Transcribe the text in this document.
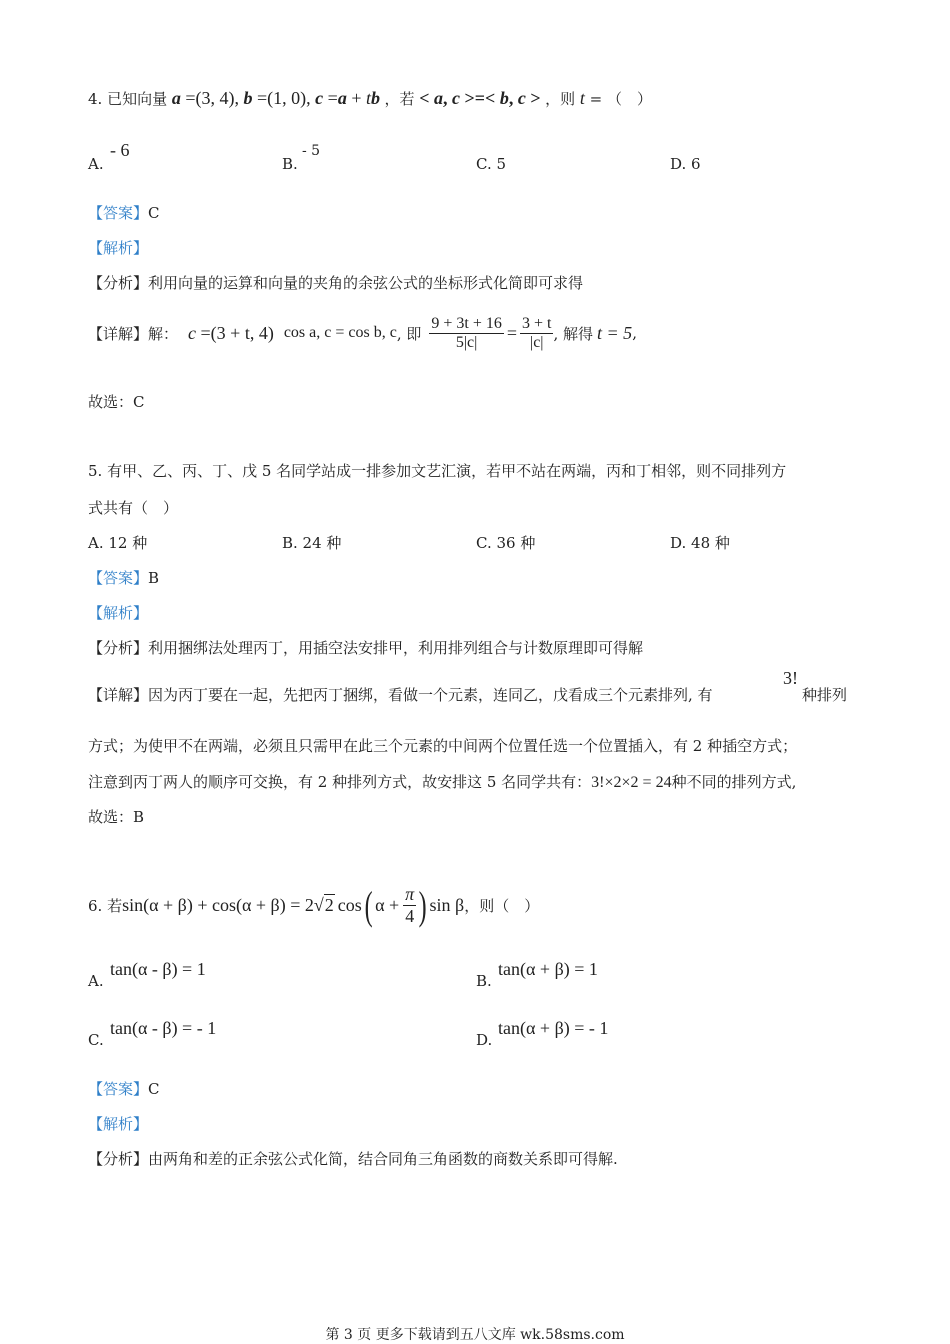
4. 已知向量 a =(3, 4), b =(1, 0), c =a + tb ，若 < a, c >=< b, c > ，则 t = （　）
A.
- 6
B.
- 5
C. 5	D. 6
【答案】C
【解析】
【分析】利用向量的运算和向量的夹角的余弦公式的坐标形式化简即可求得
【详解】 解： c =(3 + t, 4) cos a, c = cos b, c , 即 $\frac{9 + 3t + 16}{5|c|} = \frac{3 + t}{|c|}$ , 解得 t = 5 ,
故选：C
5. 有甲、乙、丙、丁、戊 5 名同学站成一排参加文艺汇演，若甲不站在两端，丙和丁相邻，则不同排列方
式共有（　）
A. 12 种	B. 24 种	C. 36 种	D. 48 种
【答案】B
【解析】
【分析】利用捆绑法处理丙丁，用插空法安排甲，利用排列组合与计数原理即可得解
【详解】因为丙丁要在一起，先把丙丁捆绑，看做一个元素，连同乙，戊看成三个元素排列, 有
3!
种排列
方式；为使甲不在两端，必须且只需甲在此三个元素的中间两个位置任选一个位置插入，有 2 种插空方式；
注意到丙丁两人的顺序可交换，有 2 种排列方式，故安排这 5 名同学共有：3!×2×2 = 24种不同的排列方式,
故选：B
6. 若 sin(α + β) + cos(α + β) = 2 √ 2 cos ( $\alpha + \frac{\pi}{4}$ ) sin β ，则（　）
A.
tan(α - β) = 1
B.
tan(α + β) = 1
C.
tan(α - β) = - 1
D.
tan(α + β) = - 1
【答案】C
【解析】
【分析】由两角和差的正余弦公式化简，结合同角三角函数的商数关系即可得解.
第 3 页 更多下载请到五八文库 wk.58sms.com
